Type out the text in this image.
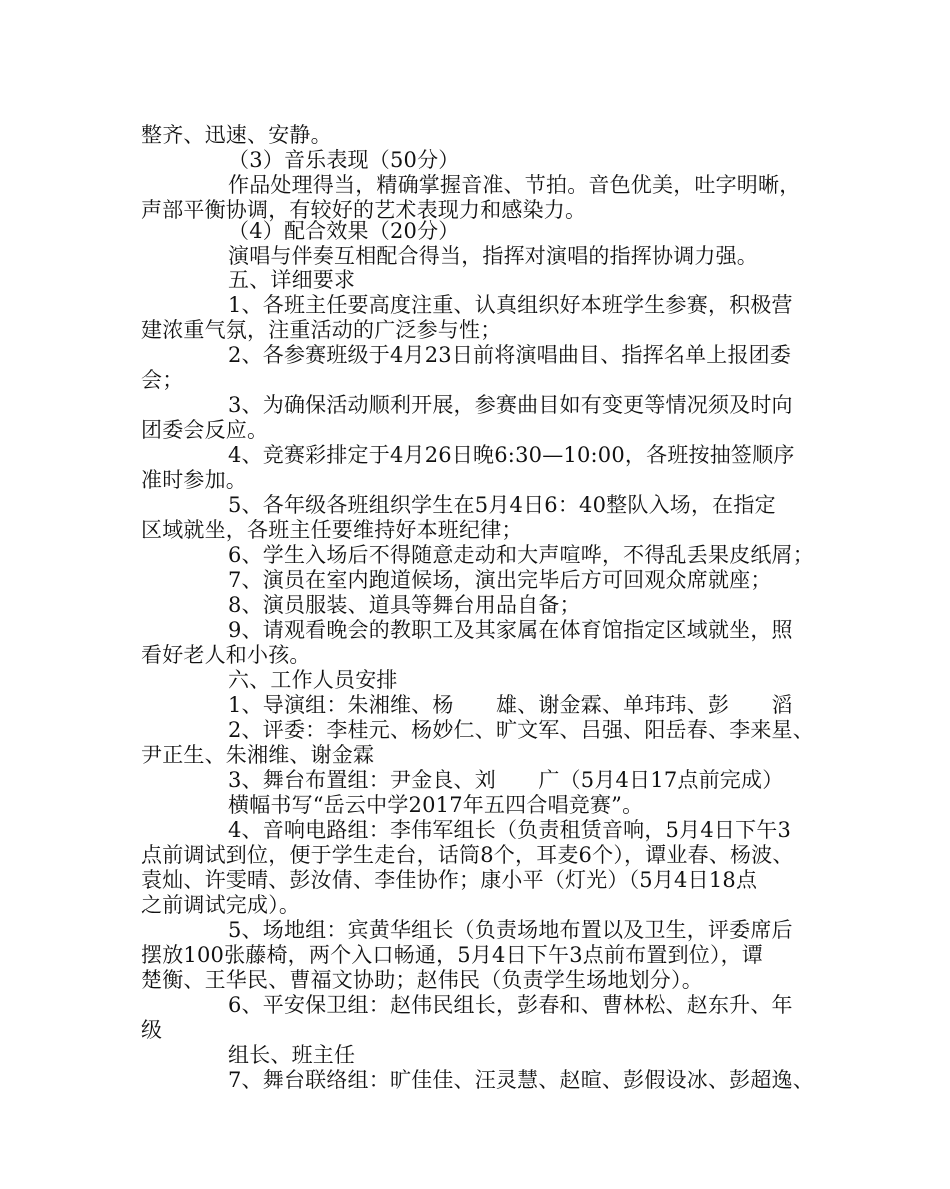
整齐、迅速、安静。
（3）音乐表现（50分）
作品处理得当，精确掌握音准、节拍。音色优美，吐字明晰，
声部平衡协调，有较好的艺术表现力和感染力。
（4）配合效果（20分）
演唱与伴奏互相配合得当，指挥对演唱的指挥协调力强。
五、详细要求
1、各班主任要高度注重、认真组织好本班学生参赛，积极营
建浓重气氛，注重活动的广泛参与性；
2、各参赛班级于4月23日前将演唱曲目、指挥名单上报团委
会；
3、为确保活动顺利开展，参赛曲目如有变更等情况须及时向
团委会反应。
4、竞赛彩排定于4月26日晚6:30—10:00，各班按抽签顺序
准时参加。
5、各年级各班组织学生在5月4日6：40整队入场，在指定
区域就坐，各班主任要维持好本班纪律；
6、学生入场后不得随意走动和大声喧哗，不得乱丢果皮纸屑；
7、演员在室内跑道候场，演出完毕后方可回观众席就座；
8、演员服装、道具等舞台用品自备；
9、请观看晚会的教职工及其家属在体育馆指定区域就坐，照
看好老人和小孩。
六、工作人员安排
1、导演组：朱湘维、杨　　雄、谢金霖、单玮玮、彭　　滔
2、评委：李桂元、杨妙仁、旷文军、吕强、阳岳春、李来星、
尹正生、朱湘维、谢金霖
3、舞台布置组：尹金良、刘　　广（5月4日17点前完成）
横幅书写“岳云中学2017年五四合唱竞赛”。
4、音响电路组：李伟军组长（负责租赁音响，5月4日下午3
点前调试到位，便于学生走台，话筒8个，耳麦6个），谭业春、杨波、
袁灿、许雯晴、彭汝倩、李佳协作；康小平（灯光）（5月4日18点
之前调试完成）。
5、场地组：宾黄华组长（负责场地布置以及卫生，评委席后
摆放100张藤椅，两个入口畅通，5月4日下午3点前布置到位），谭
楚衡、王华民、曹福文协助；赵伟民（负责学生场地划分）。
6、平安保卫组：赵伟民组长，彭春和、曹林松、赵东升、年
级
组长、班主任
7、舞台联络组：旷佳佳、汪灵慧、赵暄、彭假设冰、彭超逸、
